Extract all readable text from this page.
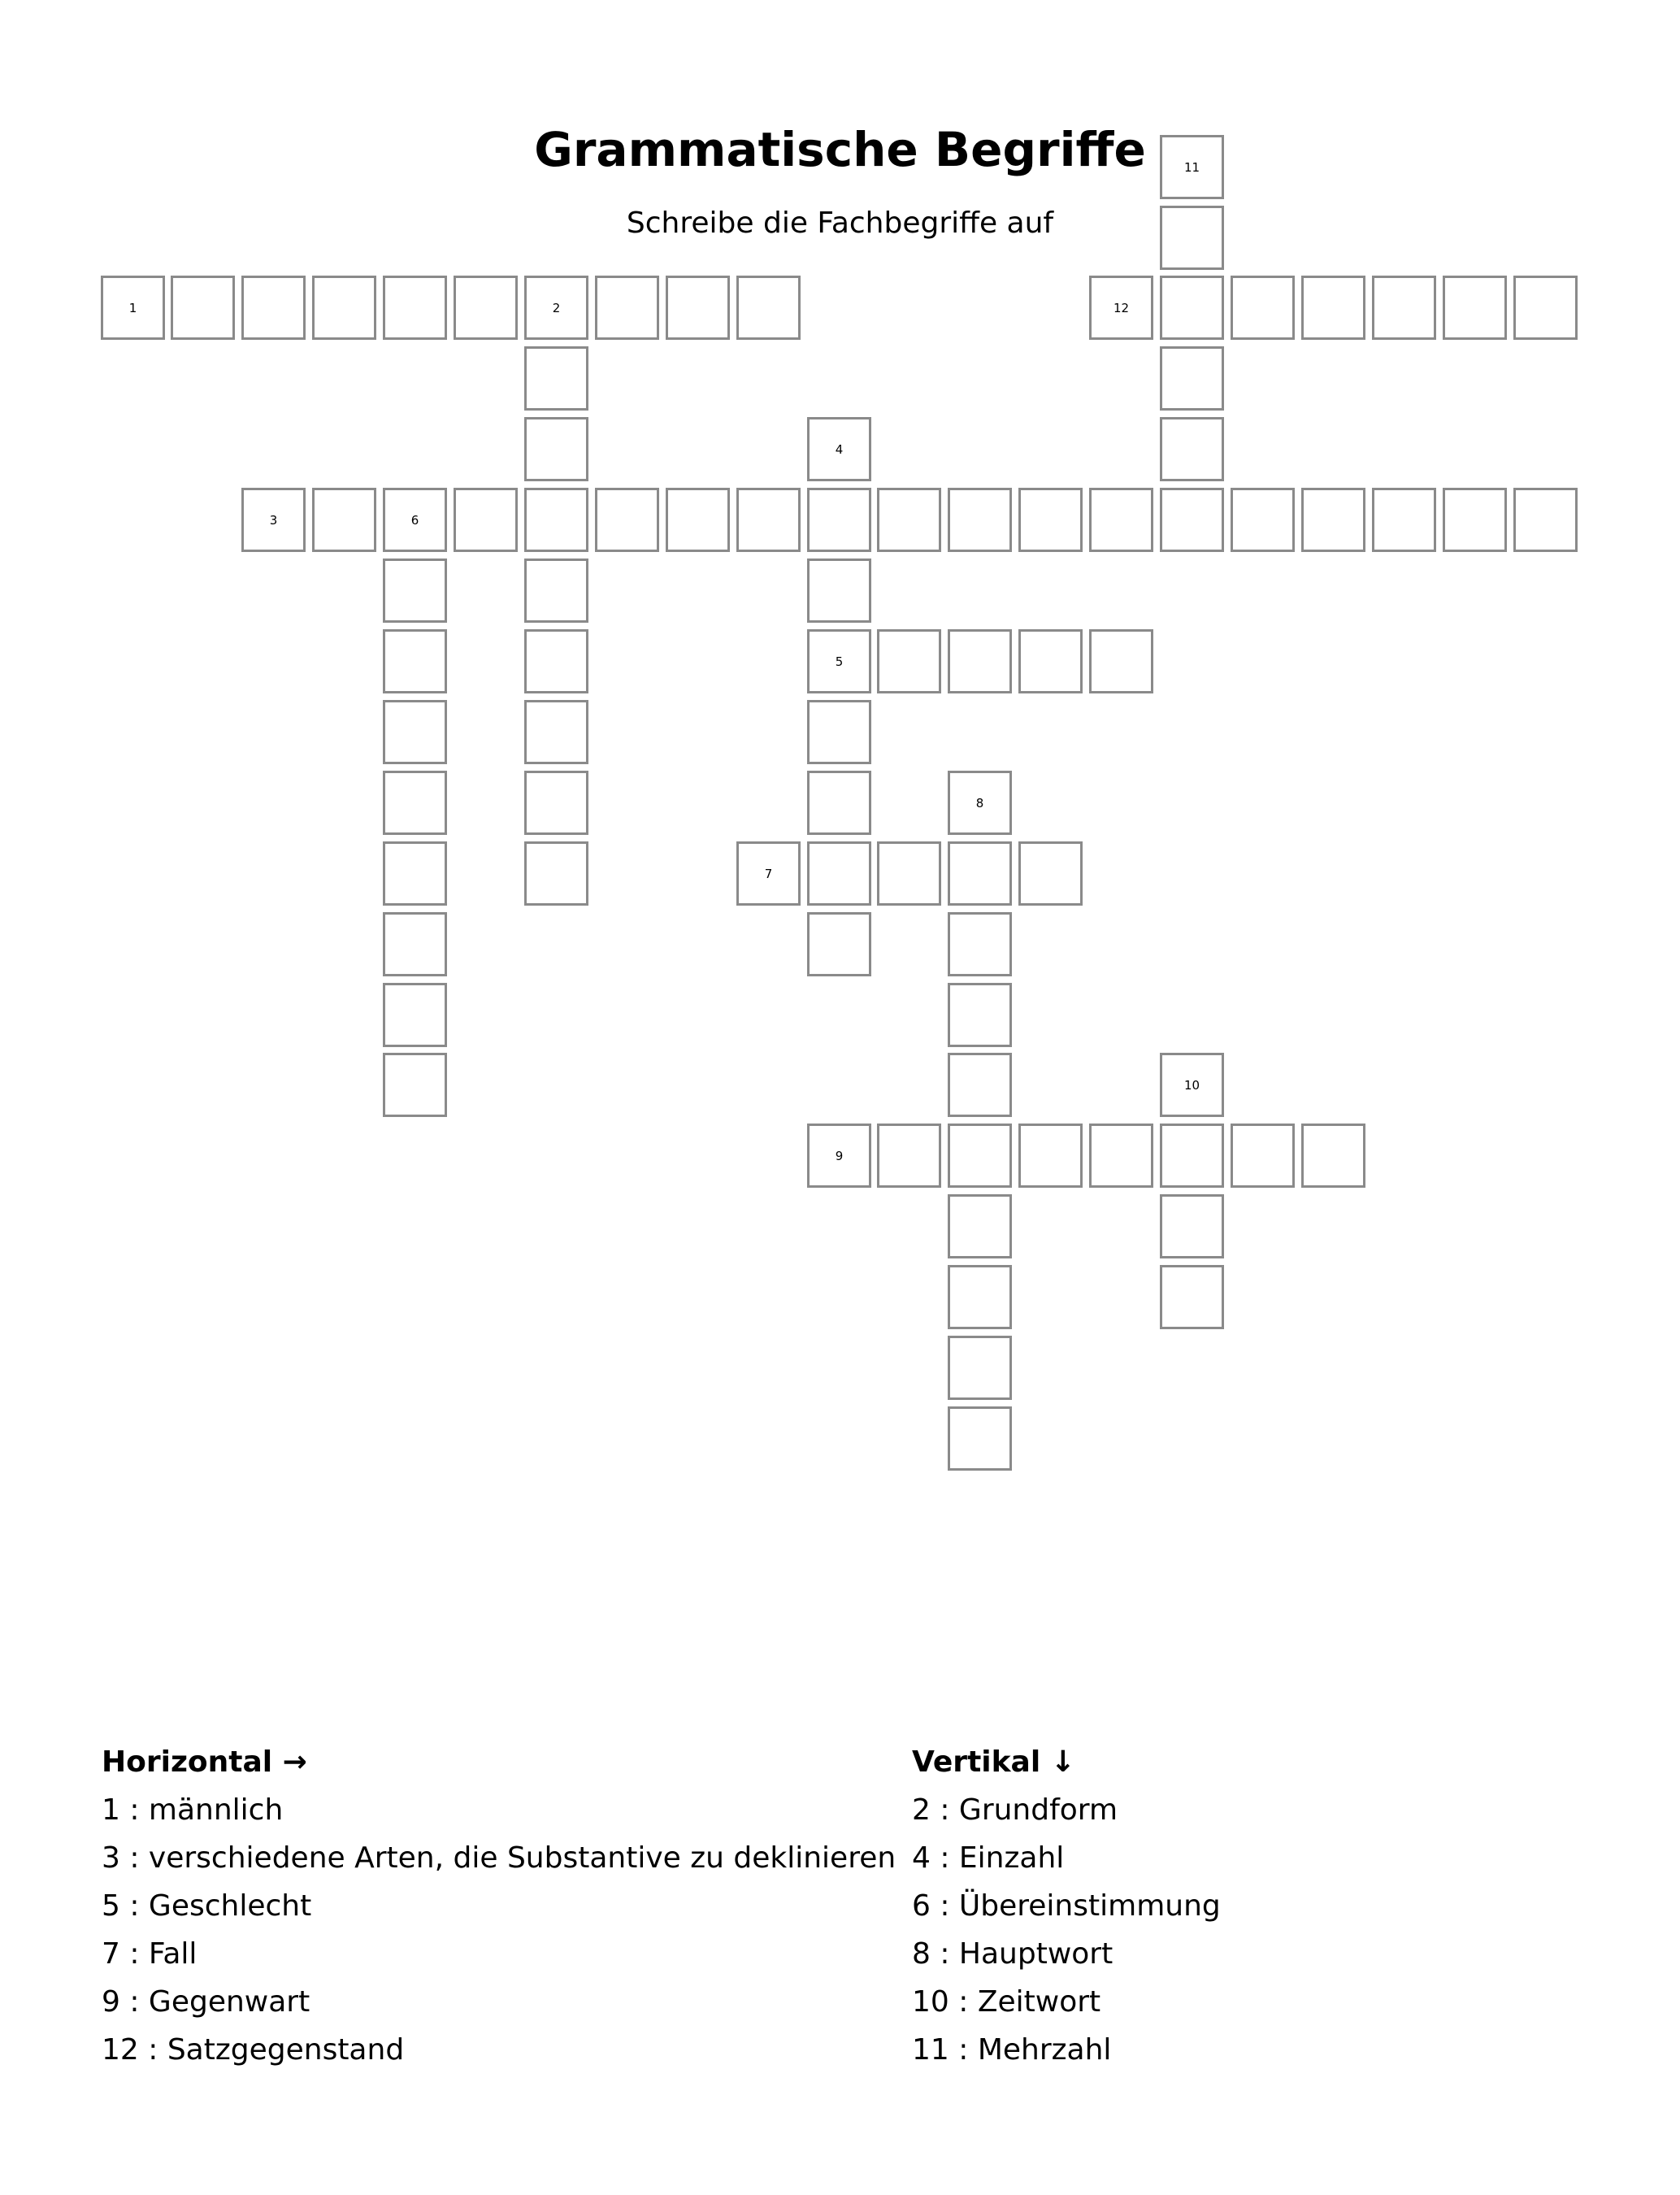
Grammatische Begriffe
Schreibe die Fachbegriffe auf
1	2
3	6
4
5
7
8
9
10
11
12
Horizontal →
1 : männlich
3 : verschiedene Arten, die Substantive zu deklinieren
5 : Geschlecht
7 : Fall
9 : Gegenwart
12 : Satzgegenstand
Vertikal ↓
2 : Grundform
4 : Einzahl
6 : Übereinstimmung
8 : Hauptwort
10 : Zeitwort
11 : Mehrzahl
